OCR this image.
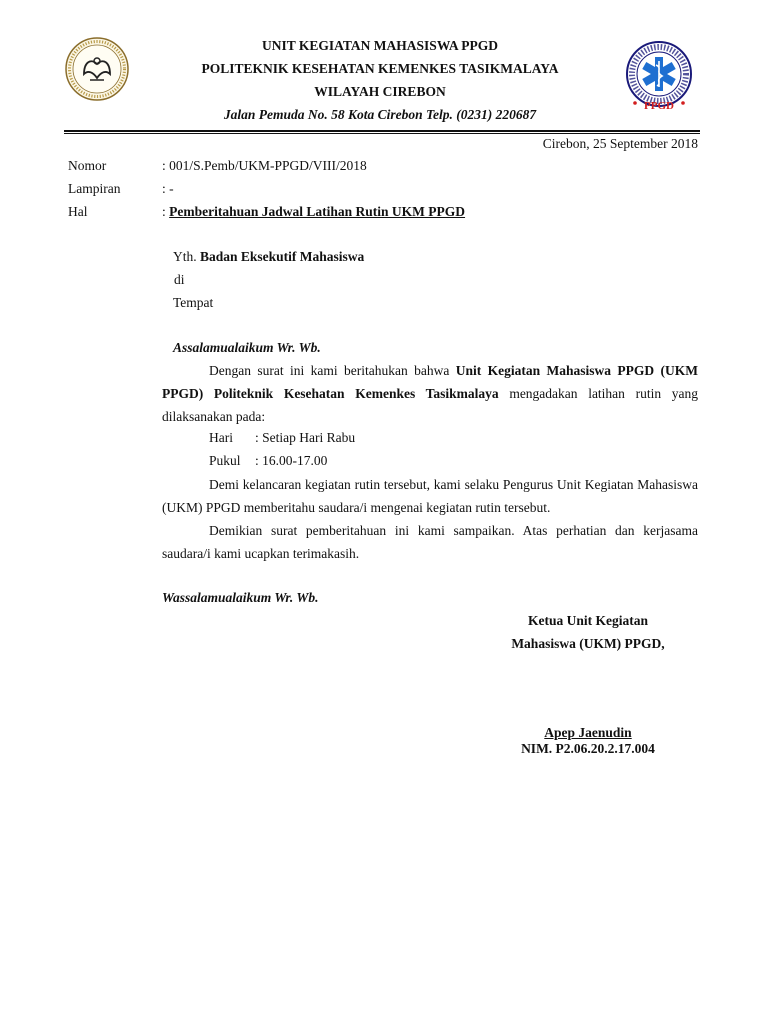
PPGD
UNIT KEGIATAN MAHASISWA PPGD
POLITEKNIK KESEHATAN KEMENKES TASIKMALAYA
WILAYAH CIREBON
Jalan Pemuda No. 58 Kota Cirebon Telp. (0231) 220687
Cirebon, 25 September 2018
Nomor	: 001/S.Pemb/UKM-PPGD/VIII/2018
Lampiran	: -
Hal	: Pemberitahuan Jadwal Latihan Rutin UKM PPGD
Yth. Badan Eksekutif Mahasiswa
di
Tempat
Assalamualaikum Wr. Wb.
Dengan surat ini kami beritahukan bahwa Unit Kegiatan Mahasiswa PPGD (UKM PPGD) Politeknik Kesehatan Kemenkes Tasikmalaya mengadakan latihan rutin yang dilaksanakan pada:
Hari : Setiap Hari Rabu
Pukul : 16.00-17.00
Demi kelancaran kegiatan rutin tersebut, kami selaku Pengurus Unit Kegiatan Mahasiswa (UKM) PPGD memberitahu saudara/i mengenai kegiatan rutin tersebut.
Demikian surat pemberitahuan ini kami sampaikan. Atas perhatian dan kerjasama saudara/i kami ucapkan terimakasih.
Wassalamualaikum Wr. Wb.
Ketua Unit Kegiatan
Mahasiswa (UKM) PPGD,
Apep Jaenudin
NIM. P2.06.20.2.17.004
